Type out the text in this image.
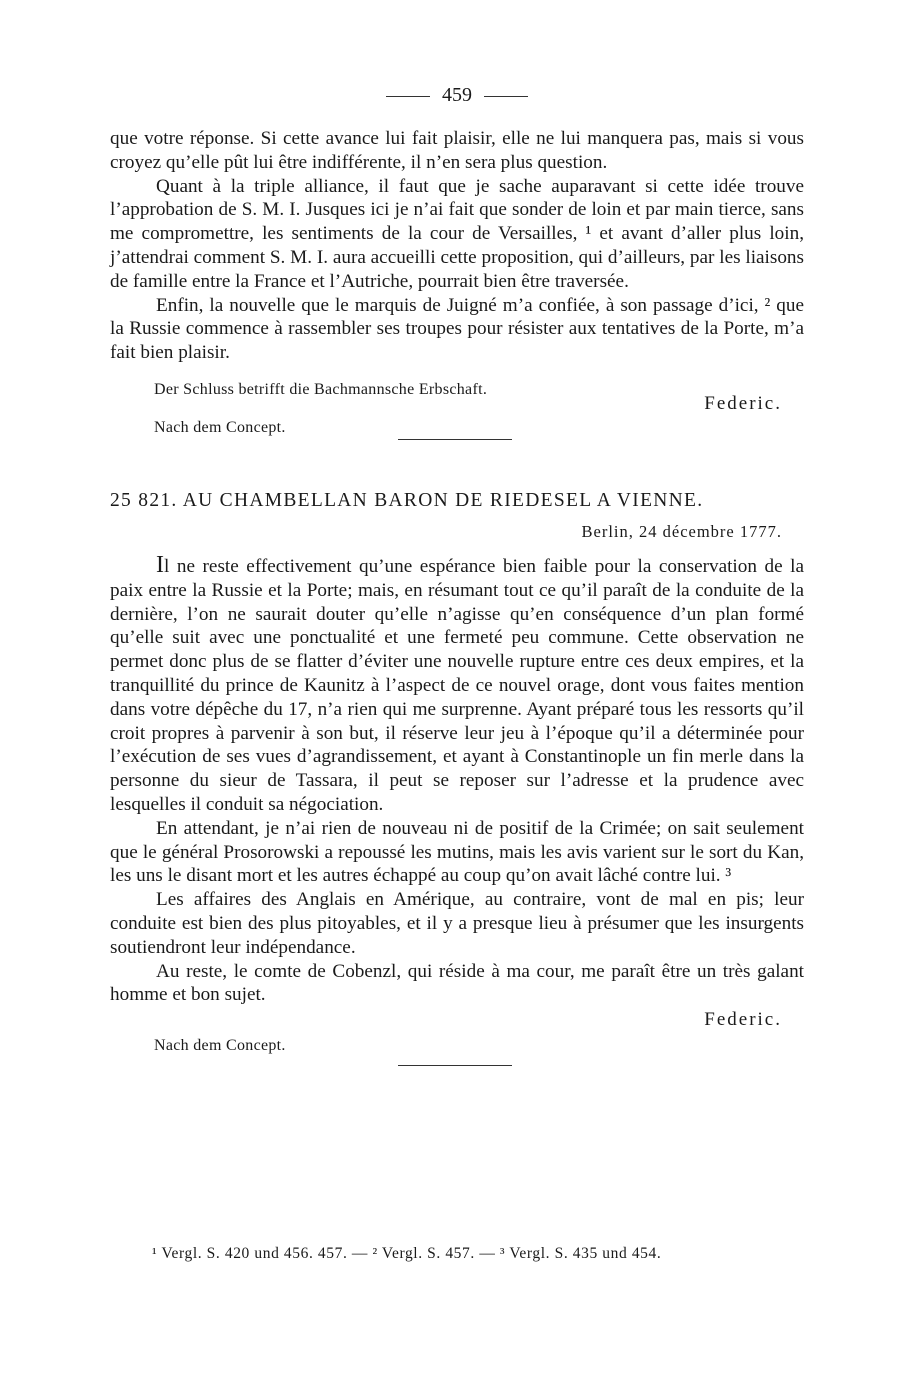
459

que votre réponse. Si cette avance lui fait plaisir, elle ne lui manquera pas, mais si vous croyez qu’elle pût lui être indifférente, il n’en sera plus question.

Quant à la triple alliance, il faut que je sache auparavant si cette idée trouve l’approbation de S. M. I. Jusques ici je n’ai fait que sonder de loin et par main tierce, sans me compromettre, les sentiments de la cour de Versailles, ¹ et avant d’aller plus loin, j’attendrai comment S. M. I. aura accueilli cette proposition, qui d’ailleurs, par les liaisons de famille entre la France et l’Autriche, pourrait bien être traversée.

Enfin, la nouvelle que le marquis de Juigné m’a confiée, à son passage d’ici, ² que la Russie commence à rassembler ses troupes pour résister aux tentatives de la Porte, m’a fait bien plaisir.

Der Schluss betrifft die Bachmannsche Erbschaft.
Federic.
Nach dem Concept.
25 821. AU CHAMBELLAN BARON DE RIEDESEL A VIENNE.
Berlin, 24 décembre 1777.

Il ne reste effectivement qu’une espérance bien faible pour la conservation de la paix entre la Russie et la Porte; mais, en résumant tout ce qu’il paraît de la conduite de la dernière, l’on ne saurait douter qu’elle n’agisse qu’en conséquence d’un plan formé qu’elle suit avec une ponctualité et une fermeté peu commune. Cette observation ne permet donc plus de se flatter d’éviter une nouvelle rupture entre ces deux empires, et la tranquillité du prince de Kaunitz à l’aspect de ce nouvel orage, dont vous faites mention dans votre dépêche du 17, n’a rien qui me surprenne. Ayant préparé tous les ressorts qu’il croit propres à parvenir à son but, il réserve leur jeu à l’époque qu’il a déterminée pour l’exécution de ses vues d’agrandissement, et ayant à Constantinople un fin merle dans la personne du sieur de Tassara, il peut se reposer sur l’adresse et la prudence avec lesquelles il conduit sa négociation.

En attendant, je n’ai rien de nouveau ni de positif de la Crimée; on sait seulement que le général Prosorowski a repoussé les mutins, mais les avis varient sur le sort du Kan, les uns le disant mort et les autres échappé au coup qu’on avait lâché contre lui. ³

Les affaires des Anglais en Amérique, au contraire, vont de mal en pis; leur conduite est bien des plus pitoyables, et il y a presque lieu à présumer que les insurgents soutiendront leur indépendance.

Au reste, le comte de Cobenzl, qui réside à ma cour, me paraît être un très galant homme et bon sujet.

Federic.
Nach dem Concept.
¹ Vergl. S. 420 und 456. 457. — ² Vergl. S. 457. — ³ Vergl. S. 435 und 454.
